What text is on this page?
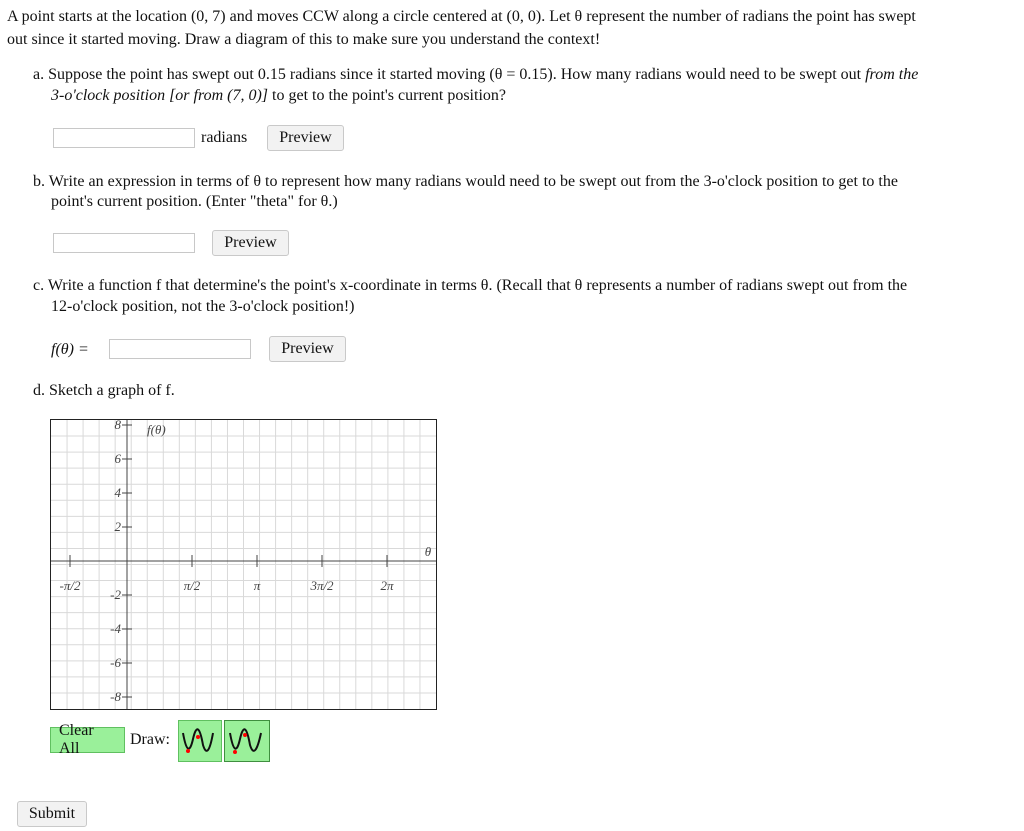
A point starts at the location (0, 7) and moves CCW along a circle centered at (0, 0). Let θ represent the number of radians the point has swept
out since it started moving. Draw a diagram of this to make sure you understand the context!
a. Suppose the point has swept out 0.15 radians since it started moving (θ = 0.15). How many radians would need to be swept out from the
3-o'clock position [or from (7, 0)] to get to the point's current position?
radians	Preview
b. Write an expression in terms of θ to represent how many radians would need to be swept out from the 3-o'clock position to get to the
point's current position. (Enter "theta" for θ.)
Preview
c. Write a function f that determine's the point's x-coordinate in terms θ. (Recall that θ represents a number of radians swept out from the
12-o'clock position, not the 3-o'clock position!)
f(θ) =	Preview
d. Sketch a graph of f.
8
6
4
2
-2
-4
-6
-8
f(θ)
-π/2	π/2	π	3π/2	2π
θ
Clear All
Draw:
Submit
